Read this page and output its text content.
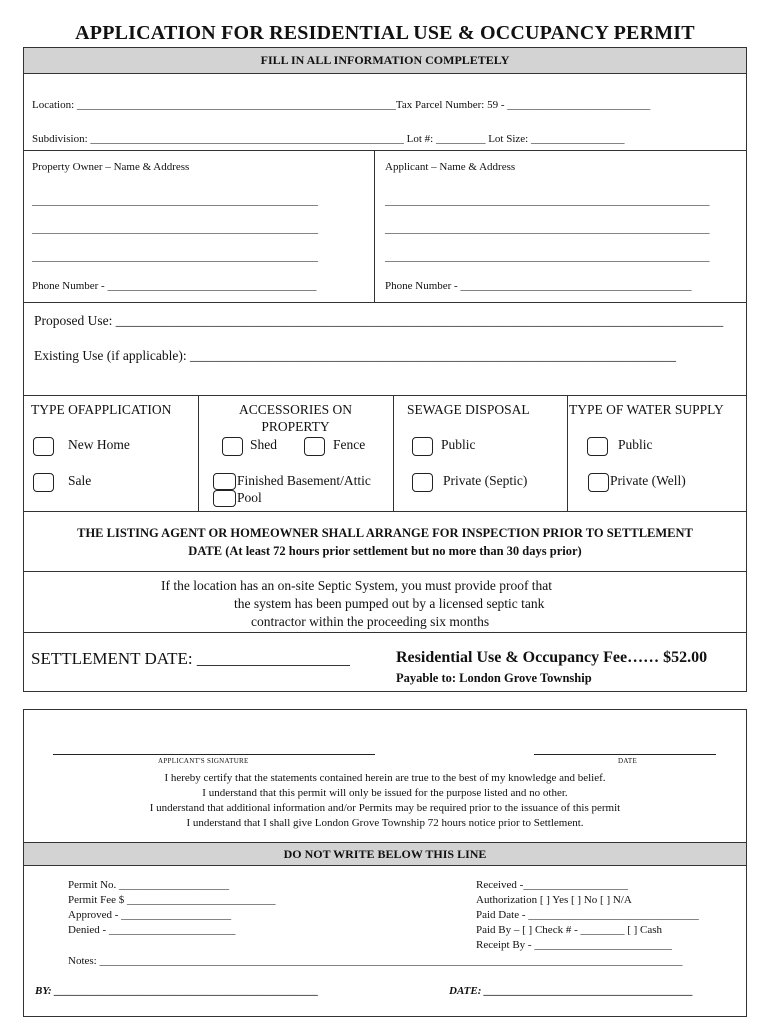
APPLICATION FOR RESIDENTIAL USE & OCCUPANCY PERMIT
FILL IN ALL INFORMATION COMPLETELY
Location: __________________________________________________________Tax Parcel Number: 59 - __________________________
Subdivision: _________________________________________________________ Lot #: _________ Lot Size: _________________
Property Owner – Name & Address
____________________________________________________
____________________________________________________
____________________________________________________
Phone Number - ______________________________________
Applicant – Name & Address
___________________________________________________________
___________________________________________________________
___________________________________________________________
Phone Number - __________________________________________
Proposed Use: __________________________________________________________________________________________
Existing Use (if applicable): ________________________________________________________________________
TYPE OFAPPLICATION
New Home
Sale
ACCESSORIES ON
PROPERTY
Shed	Fence
Finished Basement/Attic
Pool
SEWAGE DISPOSAL
Public
Private (Septic)
TYPE OF WATER SUPPLY
Public
Private (Well)
THE LISTING AGENT OR HOMEOWNER SHALL ARRANGE FOR INSPECTION PRIOR TO SETTLEMENT
DATE (At least 72 hours prior settlement but no more than 30 days prior)
If the location has an on-site Septic System, you must provide proof that
the system has been pumped out by a licensed septic tank
contractor within the proceeding six months
SETTLEMENT DATE: __________________	Residential Use & Occupancy Fee…… $52.00
Payable to: London Grove Township
APPLICANT'S SIGNATURE	DATE
I hereby certify that the statements contained herein are true to the best of my knowledge and belief.
I understand that this permit will only be issued for the purpose listed and no other.
I understand that additional information and/or Permits may be required prior to the issuance of this permit
I understand that I shall give London Grove Township 72 hours notice prior to Settlement.
DO NOT WRITE BELOW THIS LINE
Permit No. ____________________
Permit Fee $ ___________________________
Approved - ____________________
Denied - _______________________
Received -___________________
Authorization [ ] Yes [ ] No [ ] N/A
Paid Date - _______________________________
Paid By – [ ] Check # - ________ [ ] Cash
Receipt By - _________________________
Notes: __________________________________________________________________________________________________________
BY: ________________________________________________	DATE: ______________________________________
